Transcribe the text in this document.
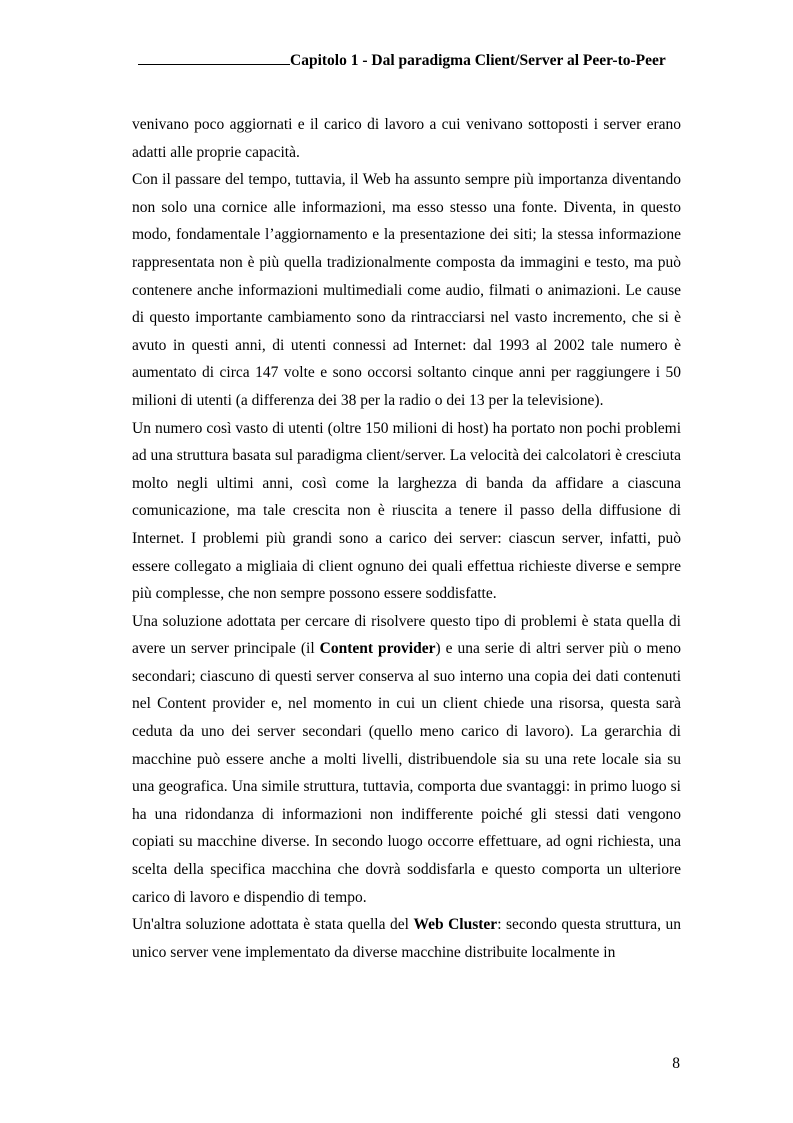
Capitolo 1 - Dal paradigma Client/Server al Peer-to-Peer

venivano poco aggiornati e il carico di lavoro a cui venivano sottoposti i server erano adatti alle proprie capacità.

Con il passare del tempo, tuttavia, il Web ha assunto sempre più importanza diventando non solo una cornice alle informazioni, ma esso stesso una fonte. Diventa, in questo modo, fondamentale l’aggiornamento e la presentazione dei siti; la stessa informazione rappresentata non è più quella tradizionalmente composta da immagini e testo, ma può contenere anche informazioni multimediali come audio, filmati o animazioni. Le cause di questo importante cambiamento sono da rintracciarsi nel vasto incremento, che si è avuto in questi anni, di utenti connessi ad Internet: dal 1993 al 2002 tale numero è aumentato di circa 147 volte e sono occorsi soltanto cinque anni per raggiungere i 50 milioni di utenti (a differenza dei 38 per la radio o dei 13 per la televisione).

Un numero così vasto di utenti (oltre 150 milioni di host) ha portato non pochi problemi ad una struttura basata sul paradigma client/server. La velocità dei calcolatori è cresciuta molto negli ultimi anni, così come la larghezza di banda da affidare a ciascuna comunicazione, ma tale crescita non è riuscita a tenere il passo della diffusione di Internet. I problemi più grandi sono a carico dei server: ciascun server, infatti, può essere collegato a migliaia di client ognuno dei quali effettua richieste diverse e sempre più complesse, che non sempre possono essere soddisfatte.

Una soluzione adottata per cercare di risolvere questo tipo di problemi è stata quella di avere un server principale (il Content provider) e una serie di altri server più o meno secondari; ciascuno di questi server conserva al suo interno una copia dei dati contenuti nel Content provider e, nel momento in cui un client chiede una risorsa, questa sarà ceduta da uno dei server secondari (quello meno carico di lavoro). La gerarchia di macchine può essere anche a molti livelli, distribuendole sia su una rete locale sia su una geografica. Una simile struttura, tuttavia, comporta due svantaggi: in primo luogo si ha una ridondanza di informazioni non indifferente poiché gli stessi dati vengono copiati su macchine diverse. In secondo luogo occorre effettuare, ad ogni richiesta, una scelta della specifica macchina che dovrà soddisfarla e questo comporta un ulteriore carico di lavoro e dispendio di tempo.

Un'altra soluzione adottata è stata quella del Web Cluster: secondo questa struttura, un unico server vene implementato da diverse macchine distribuite localmente in

8
